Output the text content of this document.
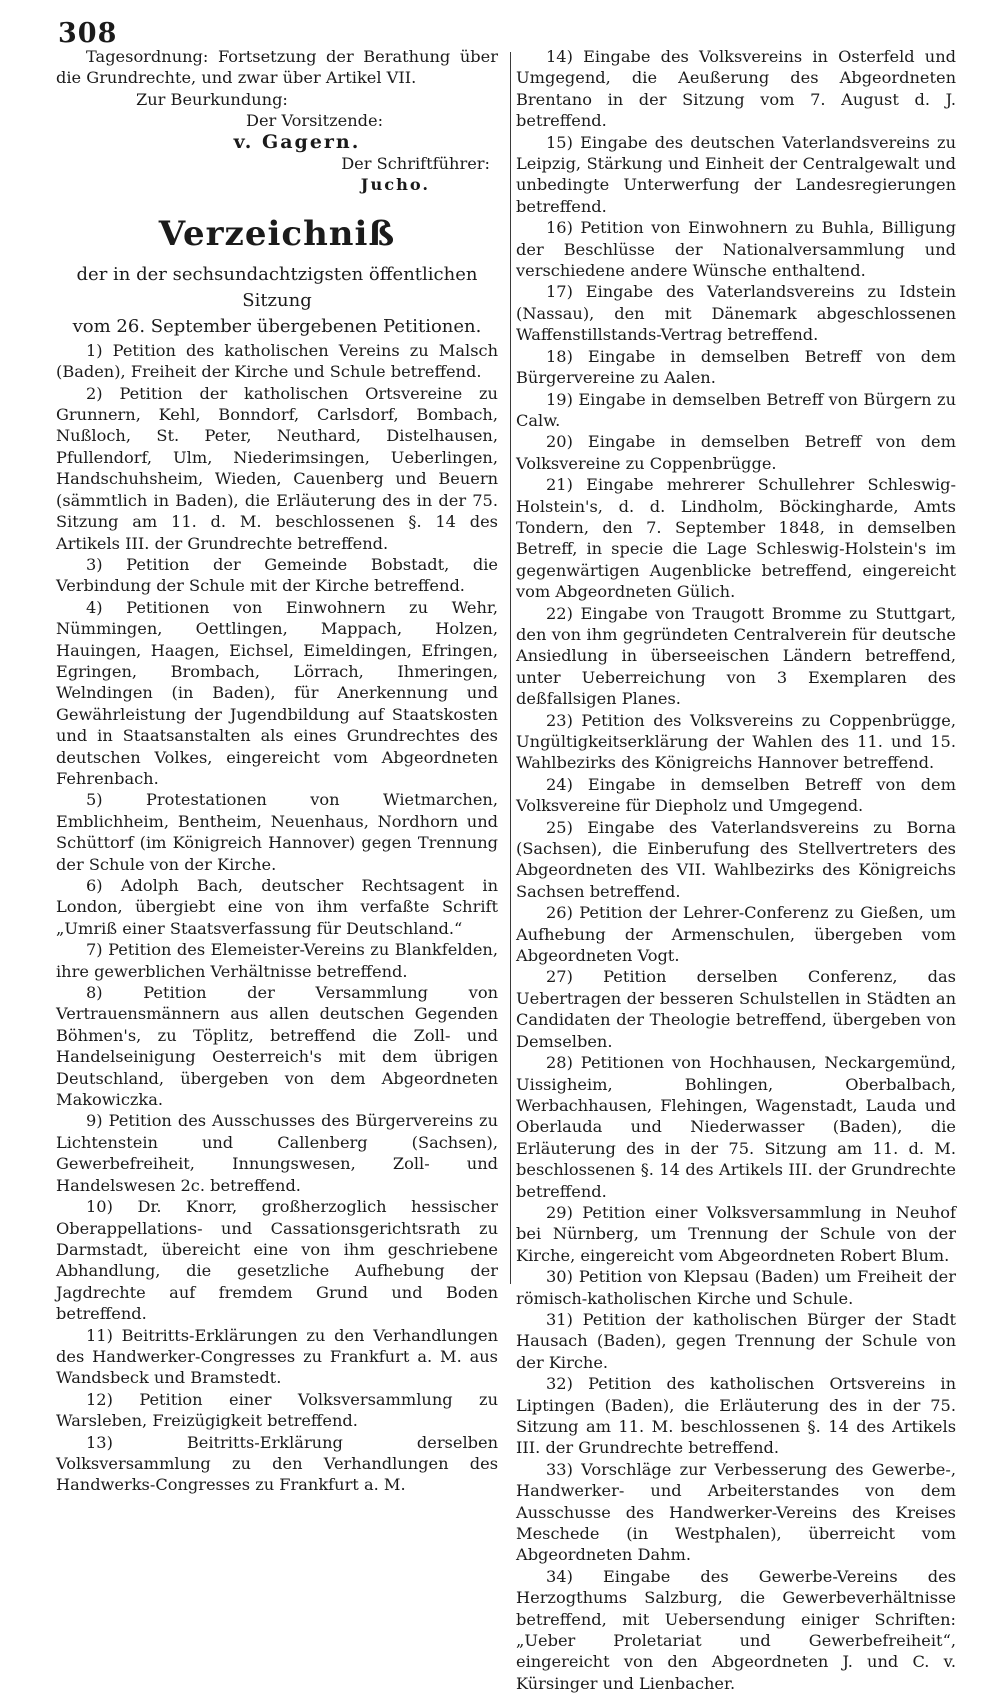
308

Tagesordnung: Fortsetzung der Berathung über die Grundrechte, und zwar über Artikel VII.

Zur Beurkundung:

Der Vorsitzende:

v. Gagern.

Der Schriftführer:

Jucho.

Verzeichniß

der in der sechsundachtzigsten öffentlichen Sitzung

vom 26. September übergebenen Petitionen.

1) Petition des katholischen Vereins zu Malsch (Baden), Freiheit der Kirche und Schule betreffend.

2) Petition der katholischen Ortsvereine zu Grunnern, Kehl, Bonndorf, Carlsdorf, Bombach, Nußloch, St. Peter, Neuthard, Distelhausen, Pfullendorf, Ulm, Niederimsingen, Ueberlingen, Handschuhsheim, Wieden, Cauenberg und Beuern (sämmtlich in Baden), die Erläuterung des in der 75. Sitzung am 11. d. M. beschlossenen §. 14 des Artikels III. der Grundrechte betreffend.

3) Petition der Gemeinde Bobstadt, die Verbindung der Schule mit der Kirche betreffend.

4) Petitionen von Einwohnern zu Wehr, Nümmingen, Oettlingen, Mappach, Holzen, Hauingen, Haagen, Eichsel, Eimeldingen, Efringen, Egringen, Brombach, Lörrach, Ihmeringen, Welndingen (in Baden), für Anerkennung und Gewährleistung der Jugendbildung auf Staatskosten und in Staatsanstalten als eines Grundrechtes des deutschen Volkes, eingereicht vom Abgeordneten Fehrenbach.

5) Protestationen von Wietmarchen, Emblichheim, Bentheim, Neuenhaus, Nordhorn und Schüttorf (im Königreich Hannover) gegen Trennung der Schule von der Kirche.

6) Adolph Bach, deutscher Rechtsagent in London, übergiebt eine von ihm verfaßte Schrift „Umriß einer Staatsverfassung für Deutschland.“

7) Petition des Elemeister-Vereins zu Blankfelden, ihre gewerblichen Verhältnisse betreffend.

8) Petition der Versammlung von Vertrauensmännern aus allen deutschen Gegenden Böhmen's, zu Töplitz, betreffend die Zoll- und Handelseinigung Oesterreich's mit dem übrigen Deutschland, übergeben von dem Abgeordneten Makowiczka.

9) Petition des Ausschusses des Bürgervereins zu Lichtenstein und Callenberg (Sachsen), Gewerbefreiheit, Innungswesen, Zoll- und Handelswesen 2c. betreffend.

10) Dr. Knorr, großherzoglich hessischer Oberappellations- und Cassationsgerichtsrath zu Darmstadt, übereicht eine von ihm geschriebene Abhandlung, die gesetzliche Aufhebung der Jagdrechte auf fremdem Grund und Boden betreffend.

11) Beitritts-Erklärungen zu den Verhandlungen des Handwerker-Congresses zu Frankfurt a. M. aus Wandsbeck und Bramstedt.

12) Petition einer Volksversammlung zu Warsleben, Freizügigkeit betreffend.

13) Beitritts-Erklärung derselben Volksversammlung zu den Verhandlungen des Handwerks-Congresses zu Frankfurt a. M.

14) Eingabe des Volksvereins in Osterfeld und Umgegend, die Aeußerung des Abgeordneten Brentano in der Sitzung vom 7. August d. J. betreffend.

15) Eingabe des deutschen Vaterlandsvereins zu Leipzig, Stärkung und Einheit der Centralgewalt und unbedingte Unterwerfung der Landesregierungen betreffend.

16) Petition von Einwohnern zu Buhla, Billigung der Beschlüsse der Nationalversammlung und verschiedene andere Wünsche enthaltend.

17) Eingabe des Vaterlandsvereins zu Idstein (Nassau), den mit Dänemark abgeschlossenen Waffenstillstands-Vertrag betreffend.

18) Eingabe in demselben Betreff von dem Bürgervereine zu Aalen.

19) Eingabe in demselben Betreff von Bürgern zu Calw.

20) Eingabe in demselben Betreff von dem Volksvereine zu Coppenbrügge.

21) Eingabe mehrerer Schullehrer Schleswig-Holstein's, d. d. Lindholm, Böckingharde, Amts Tondern, den 7. September 1848, in demselben Betreff, in specie die Lage Schleswig-Holstein's im gegenwärtigen Augenblicke betreffend, eingereicht vom Abgeordneten Gülich.

22) Eingabe von Traugott Bromme zu Stuttgart, den von ihm gegründeten Centralverein für deutsche Ansiedlung in überseeischen Ländern betreffend, unter Ueberreichung von 3 Exemplaren des deßfallsigen Planes.

23) Petition des Volksvereins zu Coppenbrügge, Ungültigkeitserklärung der Wahlen des 11. und 15. Wahlbezirks des Königreichs Hannover betreffend.

24) Eingabe in demselben Betreff von dem Volksvereine für Diepholz und Umgegend.

25) Eingabe des Vaterlandsvereins zu Borna (Sachsen), die Einberufung des Stellvertreters des Abgeordneten des VII. Wahlbezirks des Königreichs Sachsen betreffend.

26) Petition der Lehrer-Conferenz zu Gießen, um Aufhebung der Armenschulen, übergeben vom Abgeordneten Vogt.

27) Petition derselben Conferenz, das Uebertragen der besseren Schulstellen in Städten an Candidaten der Theologie betreffend, übergeben von Demselben.

28) Petitionen von Hochhausen, Neckargemünd, Uissigheim, Bohlingen, Oberbalbach, Werbachhausen, Flehingen, Wagenstadt, Lauda und Oberlauda und Niederwasser (Baden), die Erläuterung des in der 75. Sitzung am 11. d. M. beschlossenen §. 14 des Artikels III. der Grundrechte betreffend.

29) Petition einer Volksversammlung in Neuhof bei Nürnberg, um Trennung der Schule von der Kirche, eingereicht vom Abgeordneten Robert Blum.

30) Petition von Klepsau (Baden) um Freiheit der römisch-katholischen Kirche und Schule.

31) Petition der katholischen Bürger der Stadt Hausach (Baden), gegen Trennung der Schule von der Kirche.

32) Petition des katholischen Ortsvereins in Liptingen (Baden), die Erläuterung des in der 75. Sitzung am 11. M. beschlossenen §. 14 des Artikels III. der Grundrechte betreffend.

33) Vorschläge zur Verbesserung des Gewerbe-, Handwerker- und Arbeiterstandes von dem Ausschusse des Handwerker-Vereins des Kreises Meschede (in Westphalen), überreicht vom Abgeordneten Dahm.

34) Eingabe des Gewerbe-Vereins des Herzogthums Salzburg, die Gewerbeverhältnisse betreffend, mit Uebersendung einiger Schriften: „Ueber Proletariat und Gewerbefreiheit“, eingereicht von den Abgeordneten J. und C. v. Kürsinger und Lienbacher.
